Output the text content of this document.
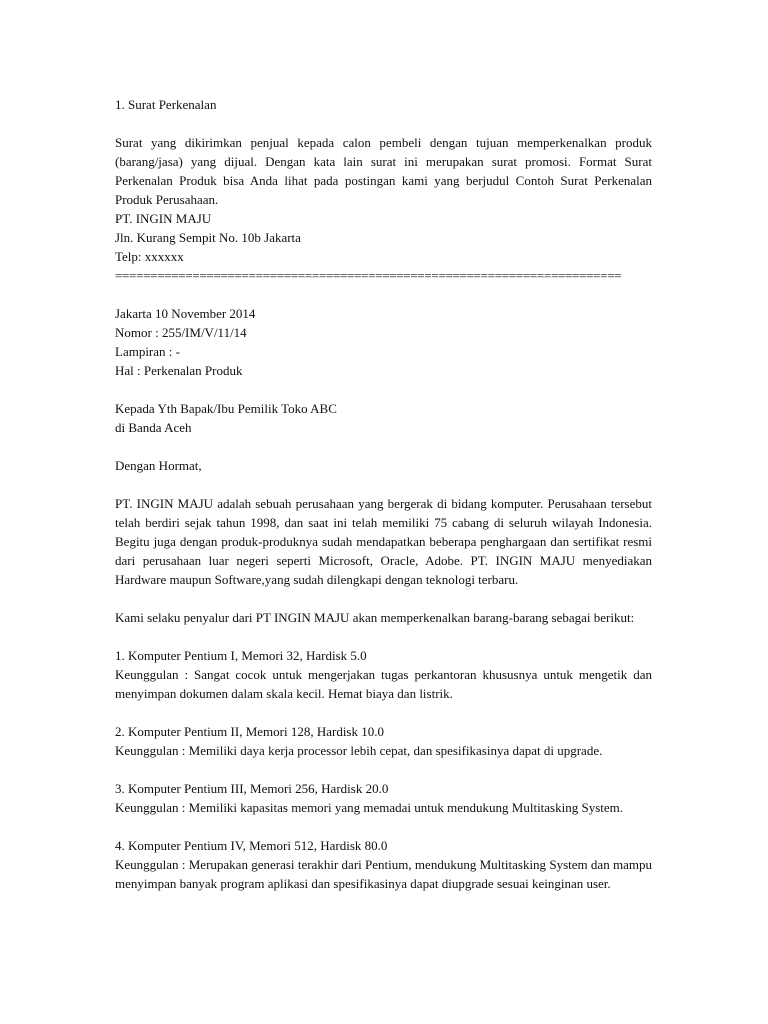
1. Surat Perkenalan

Surat yang dikirimkan penjual kepada calon pembeli dengan tujuan memperkenalkan produk (barang/jasa) yang dijual. Dengan kata lain surat ini merupakan surat promosi. Format Surat Perkenalan Produk bisa Anda lihat pada postingan kami yang berjudul Contoh Surat Perkenalan Produk Perusahaan.

PT. INGIN MAJU

Jln. Kurang Sempit No. 10b Jakarta

Telp: xxxxxx

========================================================================

Jakarta 10 November 2014

Nomor : 255/IM/V/11/14

Lampiran : -

Hal : Perkenalan Produk

Kepada Yth Bapak/Ibu Pemilik Toko ABC

di Banda Aceh

Dengan Hormat,

PT. INGIN MAJU adalah sebuah perusahaan yang bergerak di bidang komputer. Perusahaan tersebut telah berdiri sejak tahun 1998, dan saat ini telah memiliki 75 cabang di seluruh wilayah Indonesia. Begitu juga dengan produk-produknya sudah mendapatkan beberapa penghargaan dan sertifikat resmi dari perusahaan luar negeri seperti Microsoft, Oracle, Adobe. PT. INGIN MAJU menyediakan Hardware maupun Software,yang sudah dilengkapi dengan teknologi terbaru.

Kami selaku penyalur dari PT INGIN MAJU akan memperkenalkan barang-barang sebagai berikut:

1. Komputer Pentium I, Memori 32, Hardisk 5.0

Keunggulan : Sangat cocok untuk mengerjakan tugas perkantoran khususnya untuk mengetik dan menyimpan dokumen dalam skala kecil. Hemat biaya dan listrik.

2. Komputer Pentium II, Memori 128, Hardisk 10.0

Keunggulan : Memiliki daya kerja processor lebih cepat, dan spesifikasinya dapat di upgrade.

3. Komputer Pentium III, Memori 256, Hardisk 20.0

Keunggulan : Memiliki kapasitas memori yang memadai untuk mendukung Multitasking System.

4. Komputer Pentium IV, Memori 512, Hardisk 80.0

Keunggulan : Merupakan generasi terakhir dari Pentium, mendukung Multitasking System dan mampu menyimpan banyak program aplikasi dan spesifikasinya dapat diupgrade sesuai keinginan user.
